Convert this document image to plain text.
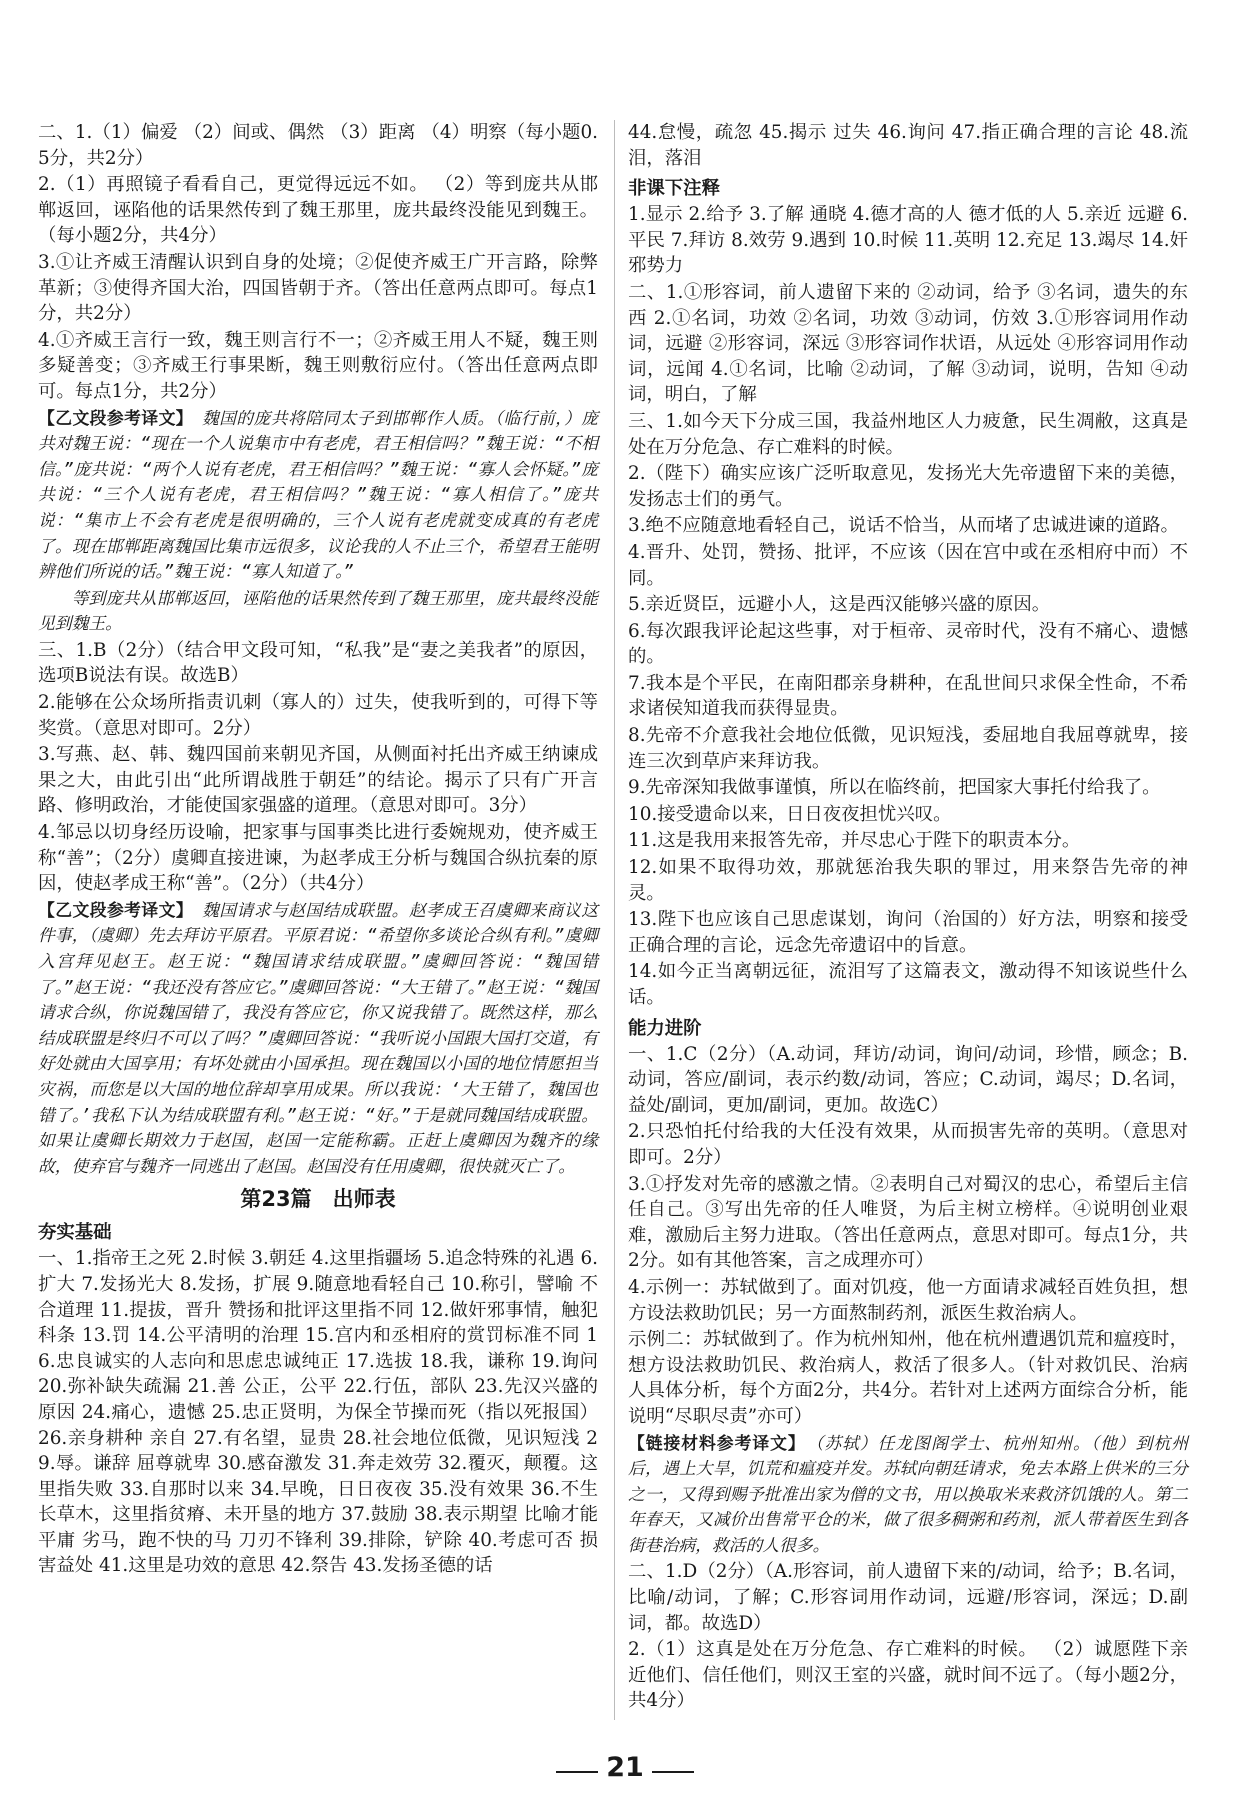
二、1.（1）偏爱 （2）间或、偶然 （3）距离 （4）明察（每小题0.5分，共2分）

2.（1）再照镜子看看自己，更觉得远远不如。 （2）等到庞共从邯郸返回，诬陷他的话果然传到了魏王那里，庞共最终没能见到魏王。（每小题2分，共4分）

3.①让齐威王清醒认识到自身的处境；②促使齐威王广开言路，除弊革新；③使得齐国大治，四国皆朝于齐。（答出任意两点即可。每点1分，共2分）

4.①齐威王言行一致，魏王则言行不一；②齐威王用人不疑，魏王则多疑善变；③齐威王行事果断，魏王则敷衍应付。（答出任意两点即可。每点1分，共2分）

【乙文段参考译文】　 魏国的庞共将陪同太子到邯郸作人质。（临行前，）庞共对魏王说：“现在一个人说集市中有老虎，君王相信吗？”魏王说：“不相信。”庞共说：“两个人说有老虎，君王相信吗？”魏王说：“寡人会怀疑。”庞共说：“三个人说有老虎，君王相信吗？”魏王说：“寡人相信了。”庞共说：“集市上不会有老虎是很明确的，三个人说有老虎就变成真的有老虎了。现在邯郸距离魏国比集市远很多，议论我的人不止三个，希望君王能明辨他们所说的话。”魏王说：“寡人知道了。”

等到庞共从邯郸返回，诬陷他的话果然传到了魏王那里，庞共最终没能见到魏王。

三、1.B（2分）（结合甲文段可知，“私我”是“妻之美我者”的原因，选项B说法有误。故选B）

2.能够在公众场所指责讥刺（寡人的）过失，使我听到的，可得下等奖赏。（意思对即可。2分）

3.写燕、赵、韩、魏四国前来朝见齐国，从侧面衬托出齐威王纳谏成果之大，由此引出“此所谓战胜于朝廷”的结论。揭示了只有广开言路、修明政治，才能使国家强盛的道理。（意思对即可。3分）

4.邹忌以切身经历设喻，把家事与国事类比进行委婉规劝，使齐威王称“善”；（2分）虞卿直接进谏，为赵孝成王分析与魏国合纵抗秦的原因，使赵孝成王称“善”。（2分）（共4分）

【乙文段参考译文】　 魏国请求与赵国结成联盟。赵孝成王召虞卿来商议这件事，（虞卿）先去拜访平原君。平原君说：“希望你多谈论合纵有利。”虞卿入宫拜见赵王。赵王说：“魏国请求结成联盟。”虞卿回答说：“魏国错了。”赵王说：“我还没有答应它。”虞卿回答说：“大王错了。”赵王说：“魏国请求合纵，你说魏国错了，我没有答应它，你又说我错了。既然这样，那么结成联盟是终归不可以了吗？”虞卿回答说：“我听说小国跟大国打交道，有好处就由大国享用；有坏处就由小国承担。现在魏国以小国的地位情愿担当灾祸，而您是以大国的地位辞却享用成果。所以我说：‘大王错了，魏国也错了。’我私下认为结成联盟有利。”赵王说：“好。”于是就同魏国结成联盟。如果让虞卿长期效力于赵国，赵国一定能称霸。正赶上虞卿因为魏齐的缘故，使弃官与魏齐一同逃出了赵国。赵国没有任用虞卿，很快就灭亡了。

第23篇　出师表
夯实基础

一、1.指帝王之死 2.时候 3.朝廷 4.这里指疆场 5.追念特殊的礼遇 6.扩大 7.发扬光大 8.发扬，扩展 9.随意地看轻自己 10.称引，譬喻 不合道理 11.提拔，晋升 赞扬和批评这里指不同 12.做奸邪事情，触犯科条 13.罚 14.公平清明的治理 15.宫内和丞相府的赏罚标准不同 16.忠良诚实的人志向和思虑忠诚纯正 17.选拔 18.我，谦称 19.询问 20.弥补缺失疏漏 21.善 公正，公平 22.行伍，部队 23.先汉兴盛的原因 24.痛心，遗憾 25.忠正贤明，为保全节操而死（指以死报国） 26.亲身耕种 亲自 27.有名望，显贵 28.社会地位低微，见识短浅 29.辱。谦辞 屈尊就卑 30.感奋激发 31.奔走效劳 32.覆灭，颠覆。这里指失败 33.自那时以来 34.早晚，日日夜夜 35.没有效果 36.不生长草木，这里指贫瘠、未开垦的地方 37.鼓励 38.表示期望 比喻才能平庸 劣马，跑不快的马 刀刃不锋利 39.排除，铲除 40.考虑可否 损害益处 41.这里是功效的意思 42.祭告 43.发扬圣德的话

44.怠慢，疏忽 45.揭示 过失 46.询问 47.指正确合理的言论 48.流泪，落泪

非课下注释

1.显示 2.给予 3.了解 通晓 4.德才高的人 德才低的人 5.亲近 远避 6.平民 7.拜访 8.效劳 9.遇到 10.时候 11.英明 12.充足 13.竭尽 14.奸邪势力

二、1.①形容词，前人遗留下来的 ②动词，给予 ③名词，遗失的东西 2.①名词，功效 ②名词，功效 ③动词，仿效 3.①形容词用作动词，远避 ②形容词，深远 ③形容词作状语，从远处 ④形容词用作动词，远闻 4.①名词，比喻 ②动词，了解 ③动词，说明，告知 ④动词，明白，了解

三、1.如今天下分成三国，我益州地区人力疲惫，民生凋敝，这真是处在万分危急、存亡难料的时候。

2.（陛下）确实应该广泛听取意见，发扬光大先帝遗留下来的美德，发扬志士们的勇气。

3.绝不应随意地看轻自己，说话不恰当，从而堵了忠诚进谏的道路。

4.晋升、处罚，赞扬、批评，不应该（因在宫中或在丞相府中而）不同。

5.亲近贤臣，远避小人，这是西汉能够兴盛的原因。

6.每次跟我评论起这些事，对于桓帝、灵帝时代，没有不痛心、遗憾的。

7.我本是个平民，在南阳郡亲身耕种，在乱世间只求保全性命，不希求诸侯知道我而获得显贵。

8.先帝不介意我社会地位低微，见识短浅，委屈地自我屈尊就卑，接连三次到草庐来拜访我。

9.先帝深知我做事谨慎，所以在临终前，把国家大事托付给我了。

10.接受遗命以来，日日夜夜担忧兴叹。

11.这是我用来报答先帝，并尽忠心于陛下的职责本分。

12.如果不取得功效，那就惩治我失职的罪过，用来祭告先帝的神灵。

13.陛下也应该自己思虑谋划，询问（治国的）好方法，明察和接受正确合理的言论，远念先帝遗诏中的旨意。

14.如今正当离朝远征，流泪写了这篇表文，激动得不知该说些什么话。

能力进阶

一、1.C（2分）（A.动词，拜访/动词，询问/动词，珍惜，顾念；B.动词，答应/副词，表示约数/动词，答应；C.动词，竭尽；D.名词，益处/副词，更加/副词，更加。故选C）

2.只恐怕托付给我的大任没有效果，从而损害先帝的英明。（意思对即可。2分）

3.①抒发对先帝的感激之情。②表明自己对蜀汉的忠心，希望后主信任自己。③写出先帝的任人唯贤，为后主树立榜样。④说明创业艰难，激励后主努力进取。（答出任意两点，意思对即可。每点1分，共2分。如有其他答案，言之成理亦可）

4.示例一：苏轼做到了。面对饥疫，他一方面请求减轻百姓负担，想方设法救助饥民；另一方面熬制药剂，派医生救治病人。

示例二：苏轼做到了。作为杭州知州，他在杭州遭遇饥荒和瘟疫时，想方设法救助饥民、救治病人，救活了很多人。（针对救饥民、治病人具体分析，每个方面2分，共4分。若针对上述两方面综合分析，能说明“尽职尽责”亦可）

【链接材料参考译文】　 （苏轼）任龙图阁学士、杭州知州。（他）到杭州后，遇上大旱，饥荒和瘟疫并发。苏轼向朝廷请求，免去本路上供米的三分之一，又得到赐予批准出家为僧的文书，用以换取米来救济饥饿的人。第二年春天，又减价出售常平仓的米，做了很多稠粥和药剂，派人带着医生到各街巷治病，救活的人很多。

二、1.D（2分）（A.形容词，前人遗留下来的/动词，给予；B.名词，比喻/动词，了解；C.形容词用作动词，远避/形容词，深远；D.副词，都。故选D）

2.（1）这真是处在万分危急、存亡难料的时候。 （2）诚愿陛下亲近他们、信任他们，则汉王室的兴盛，就时间不远了。（每小题2分，共4分）

21
